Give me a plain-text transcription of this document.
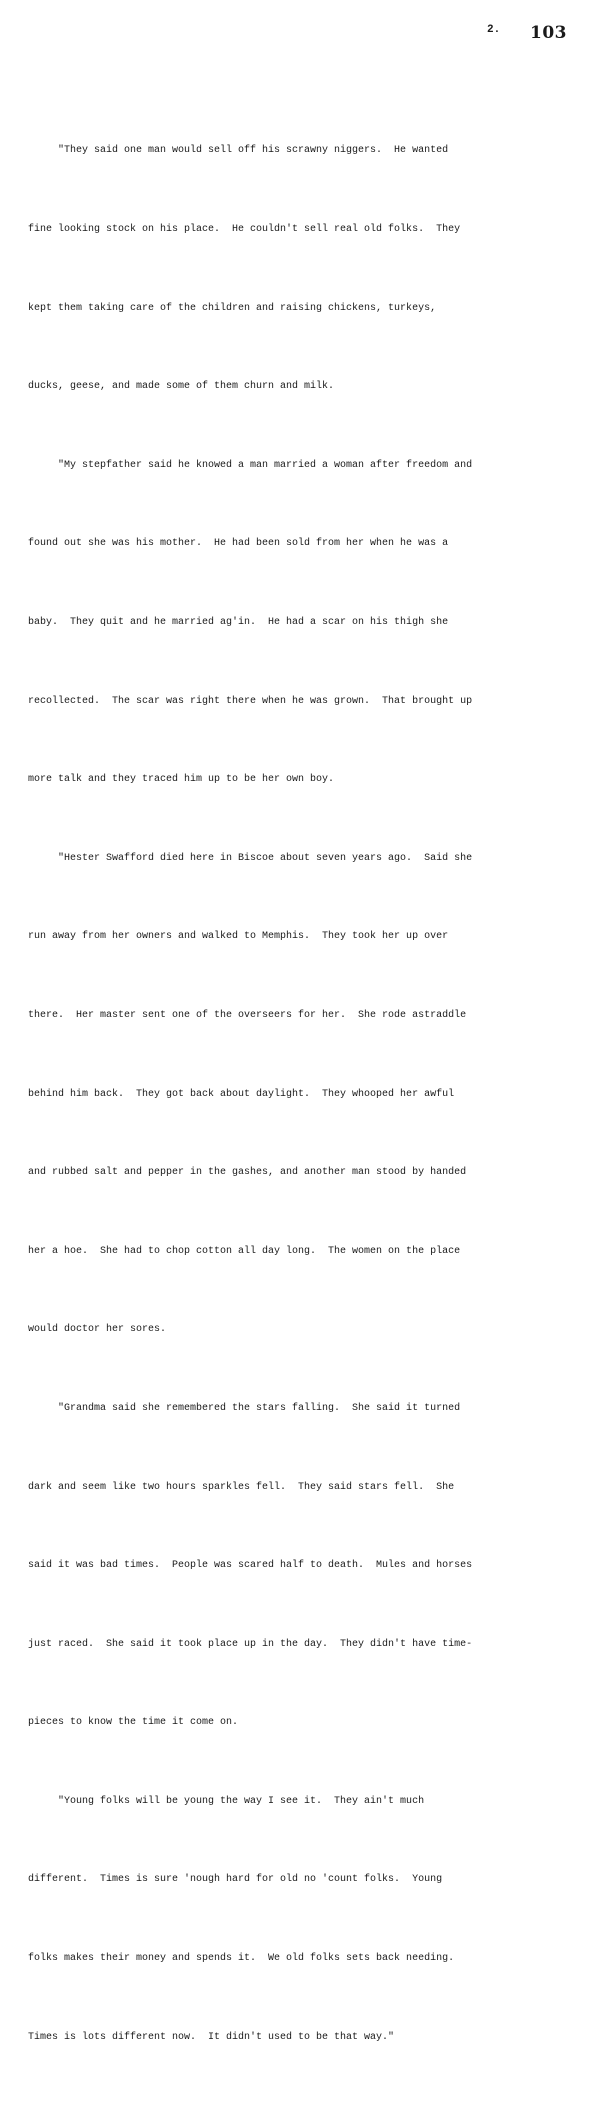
2. 103

"They said one man would sell off his scrawny niggers.  He wanted

fine looking stock on his place.  He couldn't sell real old folks.  They

kept them taking care of the children and raising chickens, turkeys,

ducks, geese, and made some of them churn and milk.

"My stepfather said he knowed a man married a woman after freedom and

found out she was his mother.  He had been sold from her when he was a

baby.  They quit and he married ag'in.  He had a scar on his thigh she

recollected.  The scar was right there when he was grown.  That brought up

more talk and they traced him up to be her own boy.

"Hester Swafford died here in Biscoe about seven years ago.  Said she

run away from her owners and walked to Memphis.  They took her up over

there.  Her master sent one of the overseers for her.  She rode astraddle

behind him back.  They got back about daylight.  They whooped her awful

and rubbed salt and pepper in the gashes, and another man stood by handed

her a hoe.  She had to chop cotton all day long.  The women on the place

would doctor her sores.

"Grandma said she remembered the stars falling.  She said it turned

dark and seem like two hours sparkles fell.  They said stars fell.  She

said it was bad times.  People was scared half to death.  Mules and horses

just raced.  She said it took place up in the day.  They didn't have time-

pieces to know the time it come on.

"Young folks will be young the way I see it.  They ain't much

different.  Times is sure 'nough hard for old no 'count folks.  Young

folks makes their money and spends it.  We old folks sets back needing.

Times is lots different now.  It didn't used to be that way."
